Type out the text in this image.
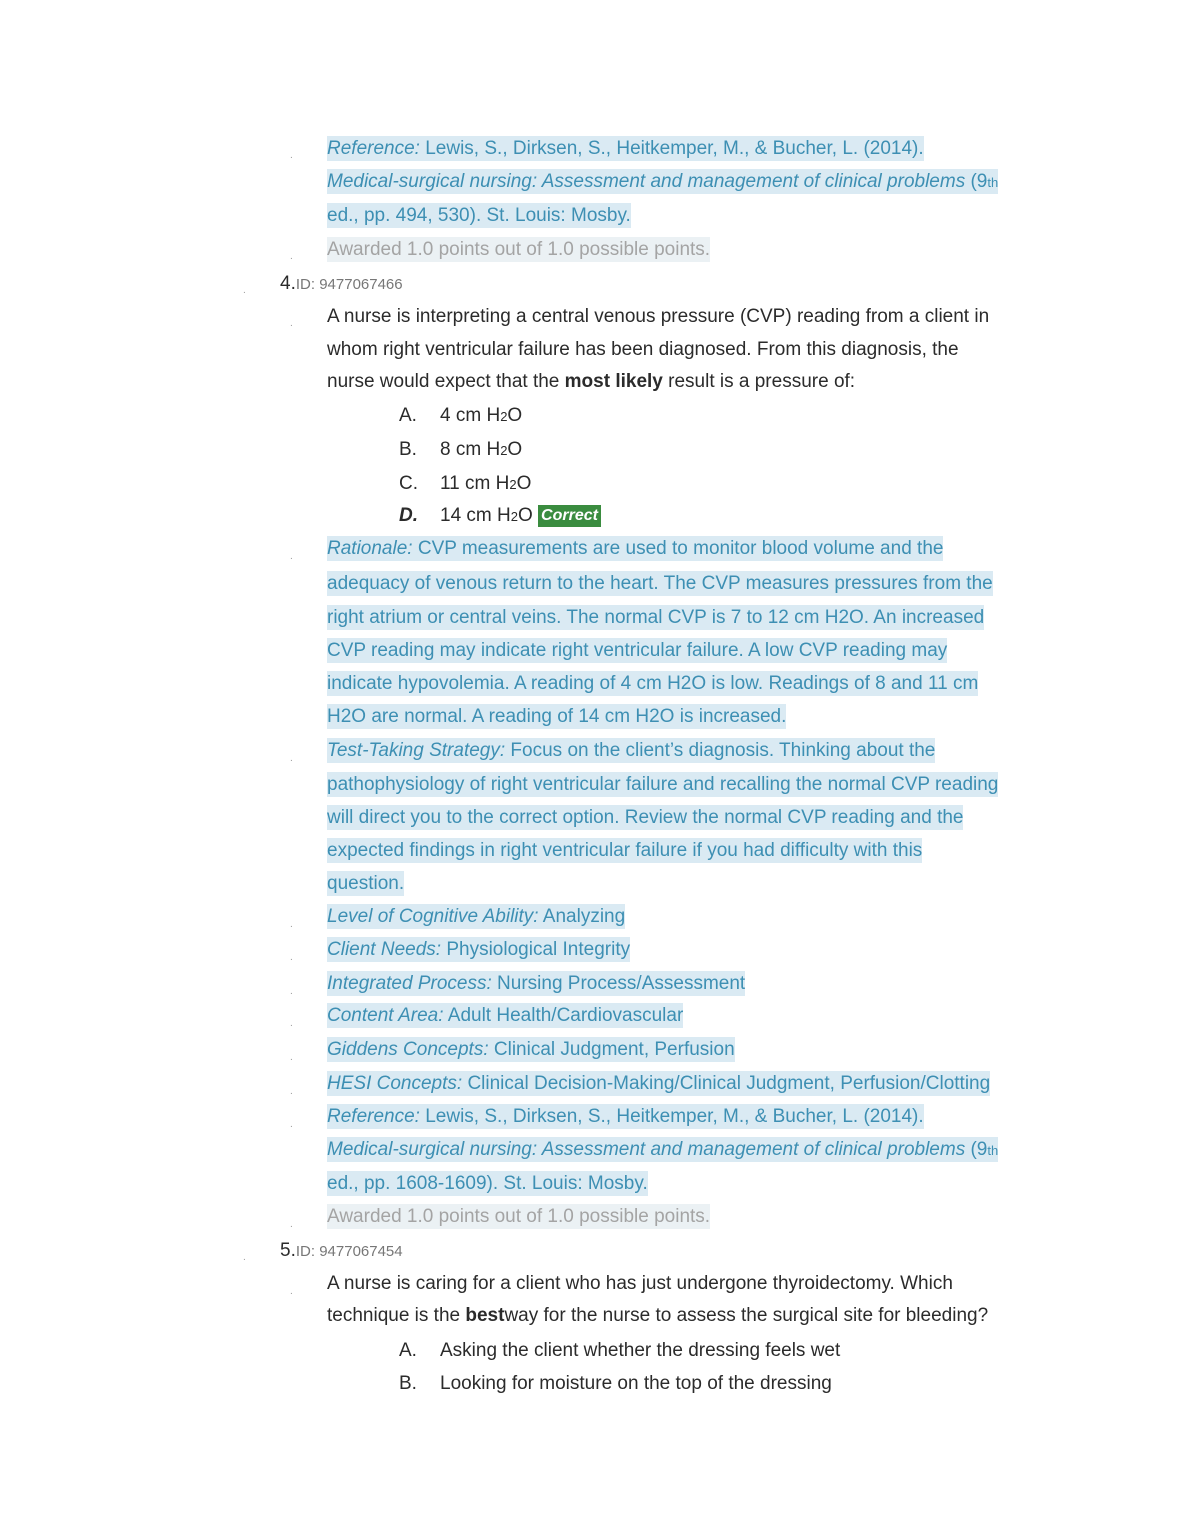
. Reference: Lewis, S., Dirksen, S., Heitkemper, M., & Bucher, L. (2014).
Medical-surgical nursing: Assessment and management of clinical problems (9th
ed., pp. 494, 530). St. Louis: Mosby.
. Awarded 1.0 points out of 1.0 possible points.
. 4.ID: 9477067466
. A nurse is interpreting a central venous pressure (CVP) reading from a client in
whom right ventricular failure has been diagnosed. From this diagnosis, the
nurse would expect that the most likely result is a pressure of:
A.	4 cm H2O
B.	8 cm H2O
C.	11 cm H2O
D.	14 cm H2O Correct
. Rationale: CVP measurements are used to monitor blood volume and the
adequacy of venous return to the heart. The CVP measures pressures from the
right atrium or central veins. The normal CVP is 7 to 12 cm H2O. An increased
CVP reading may indicate right ventricular failure. A low CVP reading may
indicate hypovolemia. A reading of 4 cm H2O is low. Readings of 8 and 11 cm
H2O are normal. A reading of 14 cm H2O is increased.
. Test-Taking Strategy: Focus on the client’s diagnosis. Thinking about the
pathophysiology of right ventricular failure and recalling the normal CVP reading
will direct you to the correct option. Review the normal CVP reading and the
expected findings in right ventricular failure if you had difficulty with this
question.
. Level of Cognitive Ability: Analyzing
. Client Needs: Physiological Integrity
. Integrated Process: Nursing Process/Assessment
. Content Area: Adult Health/Cardiovascular
. Giddens Concepts: Clinical Judgment, Perfusion
. HESI Concepts: Clinical Decision-Making/Clinical Judgment, Perfusion/Clotting
. Reference: Lewis, S., Dirksen, S., Heitkemper, M., & Bucher, L. (2014).
Medical-surgical nursing: Assessment and management of clinical problems (9th
ed., pp. 1608-1609). St. Louis: Mosby.
. Awarded 1.0 points out of 1.0 possible points.
. 5.ID: 9477067454
. A nurse is caring for a client who has just undergone thyroidectomy. Which
technique is the bestway for the nurse to assess the surgical site for bleeding?
A.	Asking the client whether the dressing feels wet
B.	Looking for moisture on the top of the dressing
